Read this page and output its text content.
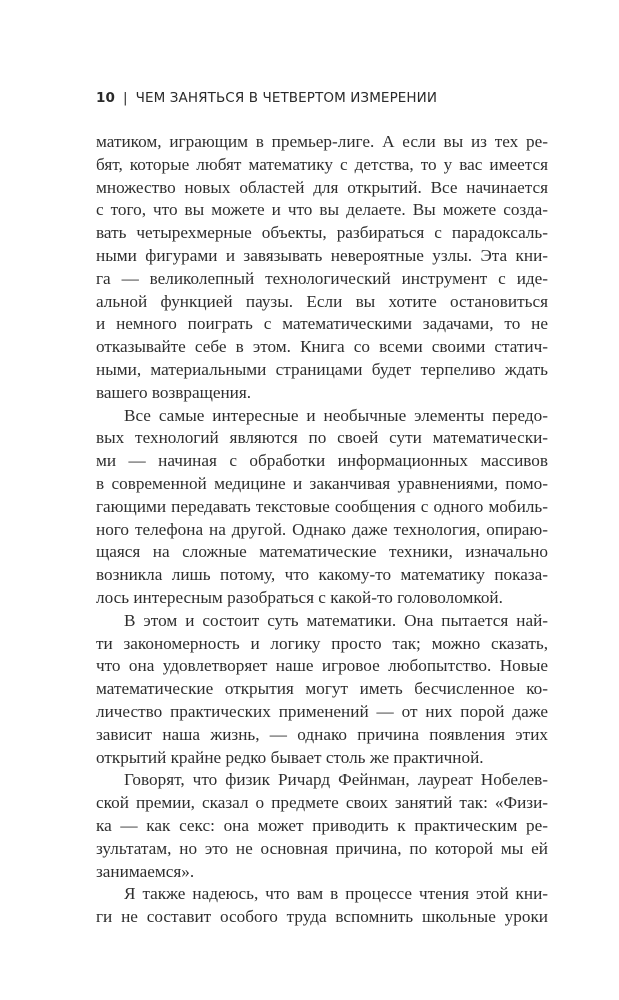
10 | ЧЕМ ЗАНЯТЬСЯ В ЧЕТВЕРТОМ ИЗМЕРЕНИИ
матиком, играющим в премьер-лиге. А если вы из тех ре-
бят, которые любят математику с детства, то у вас имеется
множество новых областей для открытий. Все начинается
с того, что вы можете и что вы делаете. Вы можете созда-
вать четырехмерные объекты, разбираться с парадоксаль-
ными фигурами и завязывать невероятные узлы. Эта кни-
га — великолепный технологический инструмент с иде-
альной функцией паузы. Если вы хотите остановиться
и немного поиграть с математическими задачами, то не
отказывайте себе в этом. Книга со всеми своими статич-
ными, материальными страницами будет терпеливо ждать
вашего возвращения.
Все самые интересные и необычные элементы передо-
вых технологий являются по своей сути математически-
ми — начиная с обработки информационных массивов
в современной медицине и заканчивая уравнениями, помо-
гающими передавать текстовые сообщения с одного мобиль-
ного телефона на другой. Однако даже технология, опираю-
щаяся на сложные математические техники, изначально
возникла лишь потому, что какому-то математику показа-
лось интересным разобраться с какой-то головоломкой.
В этом и состоит суть математики. Она пытается най-
ти закономерность и логику просто так; можно сказать,
что она удовлетворяет наше игровое любопытство. Новые
математические открытия могут иметь бесчисленное ко-
личество практических применений — от них порой даже
зависит наша жизнь, — однако причина появления этих
открытий крайне редко бывает столь же практичной.
Говорят, что физик Ричард Фейнман, лауреат Нобелев-
ской премии, сказал о предмете своих занятий так: «Физи-
ка — как секс: она может приводить к практическим ре-
зультатам, но это не основная причина, по которой мы ей
занимаемся».
Я также надеюсь, что вам в процессе чтения этой кни-
ги не составит особого труда вспомнить школьные уроки
